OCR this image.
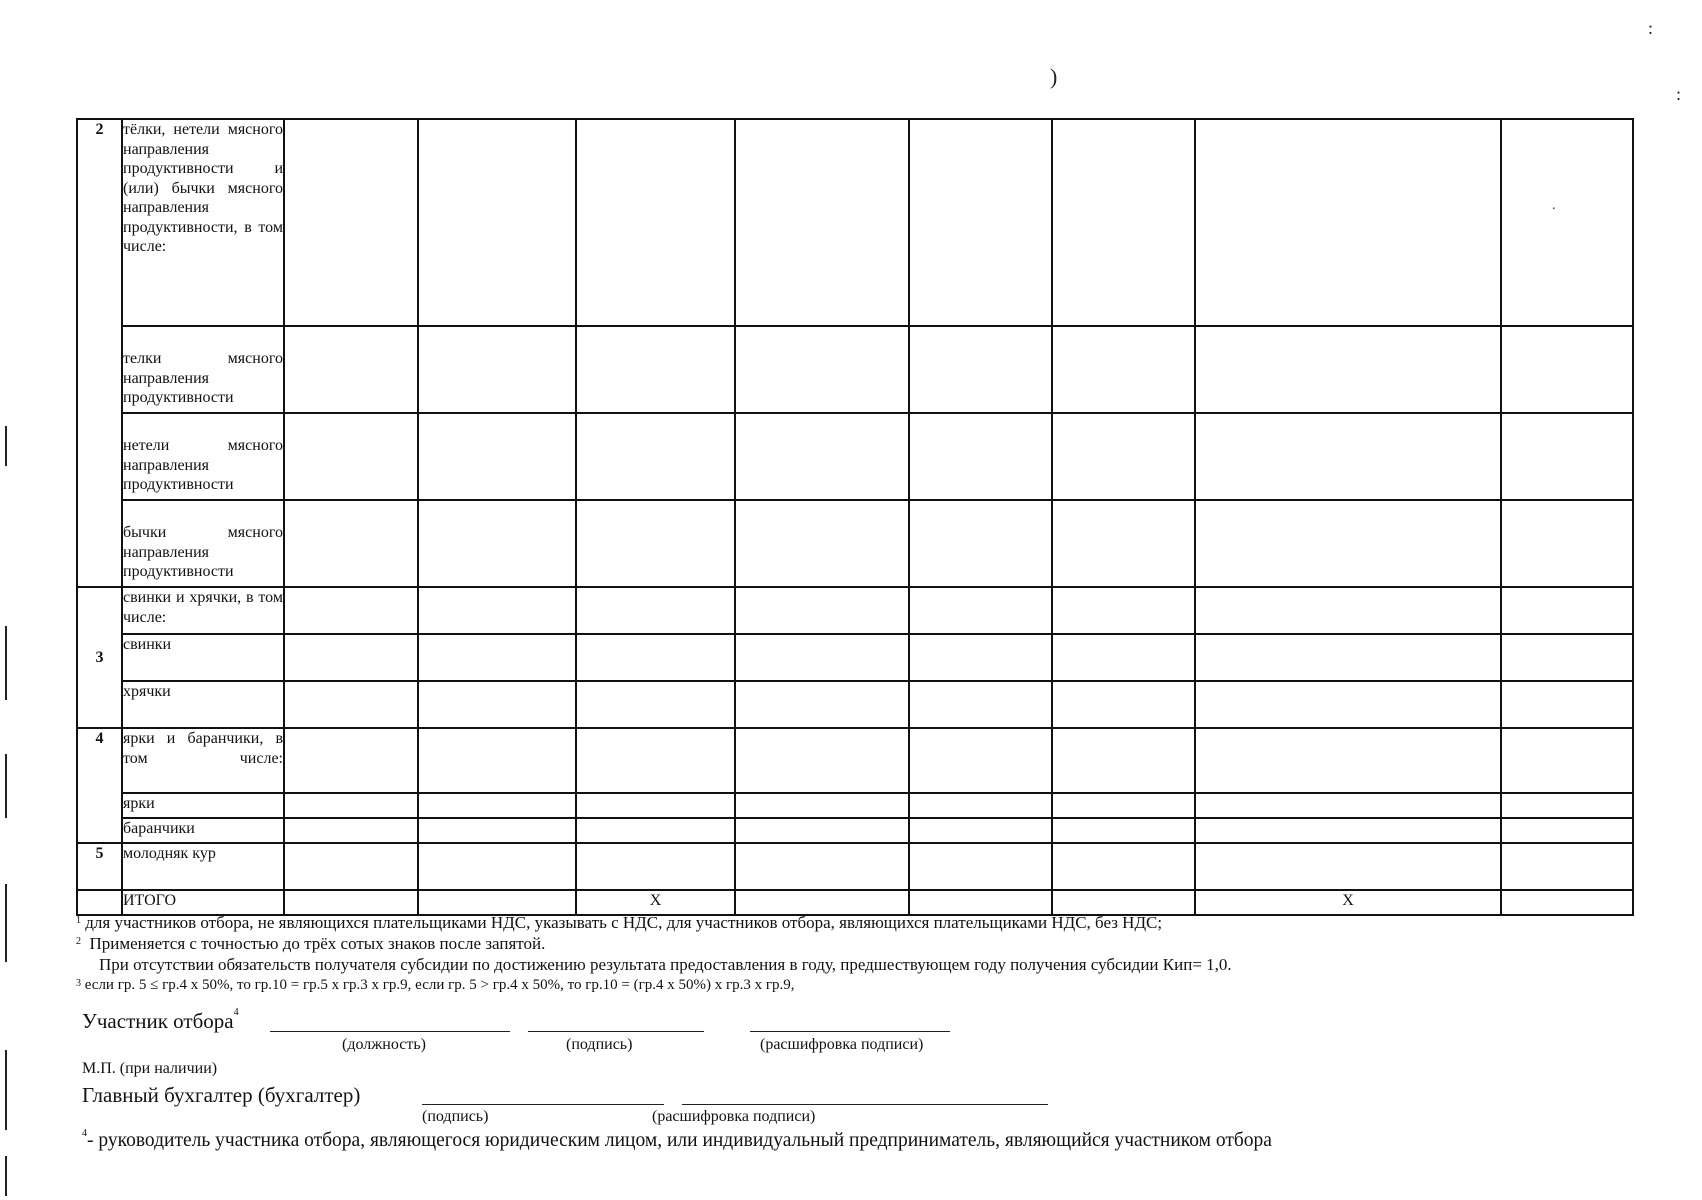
)
:
:
.
2	тёлки, нетели мясного направления продуктивности и (или) бычки мясного направления продуктивности, в том числе:								
	телки мясного направления продуктивности								
	нетели мясного направления продуктивности								
	бычки мясного направления продуктивности								
3	свинки и хрячки, в том числе:								
	свинки								
	хрячки								
4	ярки и баранчики, в том числе:								
	ярки								
	баранчики								
5	молодняк кур								
	ИТОГО			Х				Х	

$^1$ для участников отбора, не являющихся плательщиками НДС, указывать с НДС, для участников отбора, являющихся плательщиками НДС, без НДС;

$^2$ Применяется с точностью до трёх сотых знаков после запятой.

При отсутствии обязательств получателя субсидии по достижению результата предоставления в году, предшествующем году получения субсидии Кип= 1,0.

$^3$ если гр. 5 ≤ гр.4 х 50%, то гр.10 = гр.5 х гр.3 х гр.9, если гр. 5 > гр.4 х 50%, то гр.10 = (гр.4 х 50%) х гр.3 х гр.9,

Участник отбора$^4$
(должность)	(подпись)	(расшифровка подписи)
М.П. (при наличии)
Главный бухгалтер (бухгалтер)
(подпись)	(расшифровка подписи)
$^4$- руководитель участника отбора, являющегося юридическим лицом, или индивидуальный предприниматель, являющийся участником отбора
